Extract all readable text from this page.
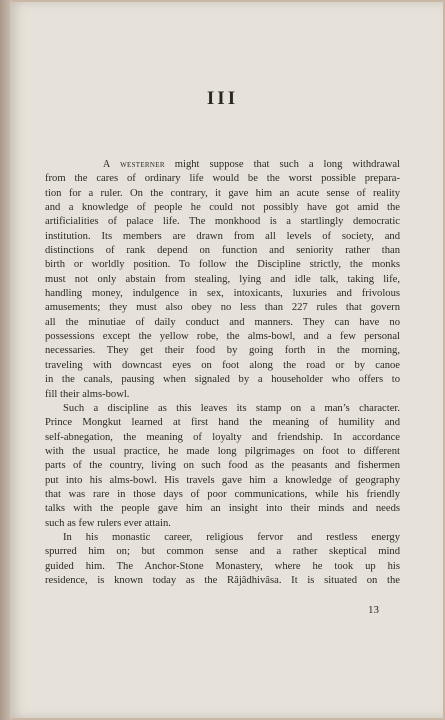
III
A westerner might suppose that such a long withdrawal
from the cares of ordinary life would be the worst possible prepara-
tion for a ruler. On the contrary, it gave him an acute sense of reality
and a knowledge of people he could not possibly have got amid the
artificialities of palace life. The monkhood is a startlingly democratic
institution. Its members are drawn from all levels of society, and
distinctions of rank depend on function and seniority rather than
birth or worldly position. To follow the Discipline strictly, the monks
must not only abstain from stealing, lying and idle talk, taking life,
handling money, indulgence in sex, intoxicants, luxuries and frivolous
amusements; they must also obey no less than 227 rules that govern
all the minutiae of daily conduct and manners. They can have no
possessions except the yellow robe, the alms-bowl, and a few personal
necessaries. They get their food by going forth in the morning,
traveling with downcast eyes on foot along the road or by canoe
in the canals, pausing when signaled by a householder who offers to
fill their alms-bowl.
Such a discipline as this leaves its stamp on a man’s character.
Prince Mongkut learned at first hand the meaning of humility and
self-abnegation, the meaning of loyalty and friendship. In accordance
with the usual practice, he made long pilgrimages on foot to different
parts of the country, living on such food as the peasants and fishermen
put into his alms-bowl. His travels gave him a knowledge of geography
that was rare in those days of poor communications, while his friendly
talks with the people gave him an insight into their minds and needs
such as few rulers ever attain.
In his monastic career, religious fervor and restless energy
spurred him on; but common sense and a rather skeptical mind
guided him. The Anchor-Stone Monastery, where he took up his
residence, is known today as the Râjâdhivâsa. It is situated on the
13
